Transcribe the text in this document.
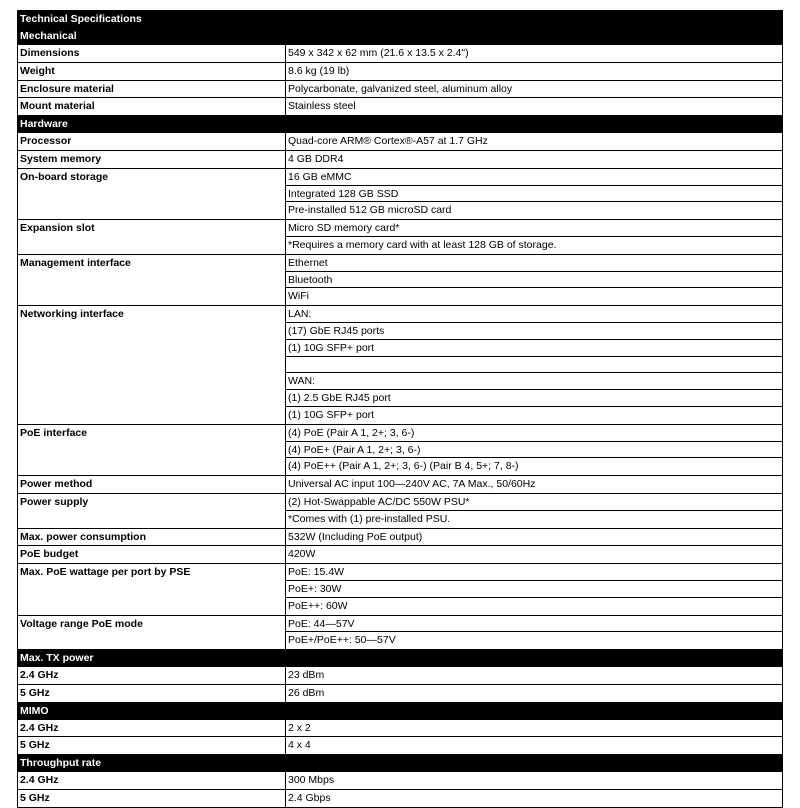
Technical Specifications
Mechanical
Dimensions	549 x 342 x 62 mm (21.6 x 13.5 x 2.4")
Weight	8.6 kg (19 lb)
Enclosure material	Polycarbonate, galvanized steel, aluminum alloy
Mount material	Stainless steel
Hardware
Processor	Quad-core ARM® Cortex®-A57 at 1.7 GHz
System memory	4 GB DDR4
On-board storage	16 GB eMMC
Integrated 128 GB SSD
Pre-installed 512 GB microSD card
Expansion slot	Micro SD memory card*
*Requires a memory card with at least 128 GB of storage.
Management interface	Ethernet
Bluetooth
WiFi
Networking interface	LAN:
(17) GbE RJ45 ports
(1) 10G SFP+ port
WAN:
(1) 2.5 GbE RJ45 port
(1) 10G SFP+ port
PoE interface	(4) PoE (Pair A 1, 2+; 3, 6-)
(4) PoE+ (Pair A 1, 2+; 3, 6-)
(4) PoE++ (Pair A 1, 2+; 3, 6-) (Pair B 4, 5+; 7, 8-)
Power method	Universal AC input 100—240V AC, 7A Max., 50/60Hz
Power supply	(2) Hot-Swappable AC/DC 550W PSU*
*Comes with (1) pre-installed PSU.
Max. power consumption	532W (Including PoE output)
PoE budget	420W
Max. PoE wattage per port by PSE	PoE: 15.4W
PoE+: 30W
PoE++: 60W
Voltage range PoE mode	PoE: 44—57V
PoE+/PoE++: 50—57V
Max. TX power
2.4 GHz	23 dBm
5 GHz	26 dBm
MIMO
2.4 GHz	2 x 2
5 GHz	4 x 4
Throughput rate
2.4 GHz	300 Mbps
5 GHz	2.4 Gbps
